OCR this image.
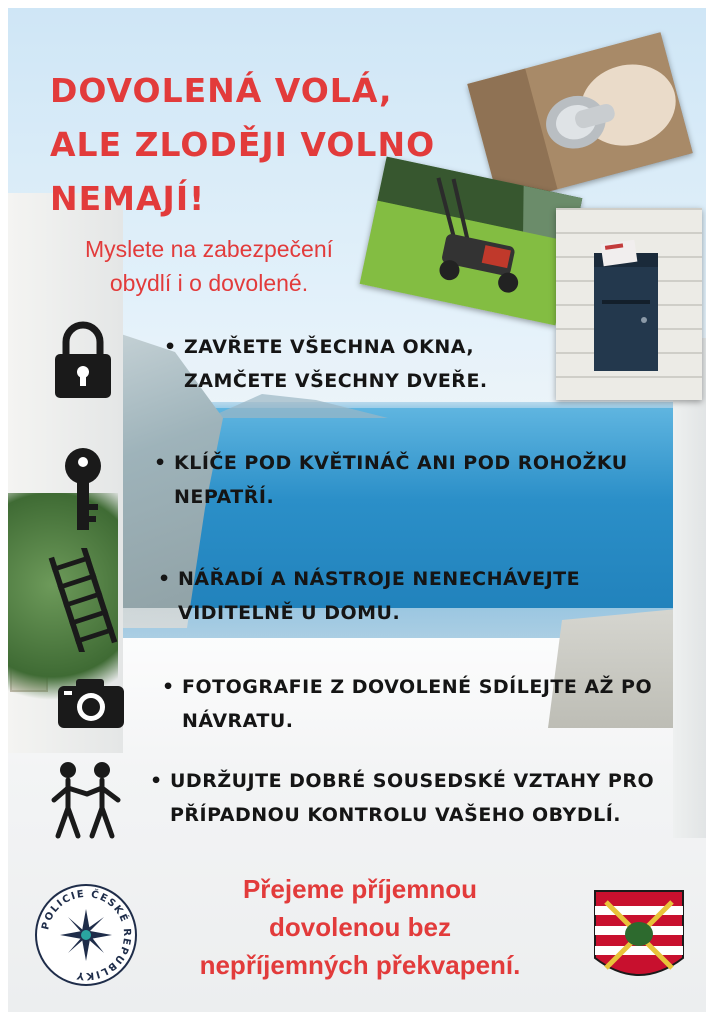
DOVOLENÁ VOLÁ,
ALE ZLODĚJI VOLNO
NEMAJÍ!
Myslete na zabezpečení
obydlí i o dovolené.
• ZAVŘETE VŠECHNA OKNA,
ZAMČETE VŠECHNY DVEŘE.
• KLÍČE POD KVĚTINÁČ ANI POD ROHOŽKU
NEPATŘÍ.
• NÁŘADÍ A NÁSTROJE NENECHÁVEJTE
VIDITELNĚ U DOMU.
• FOTOGRAFIE Z DOVOLENÉ SDÍLEJTE AŽ PO
NÁVRATU.
• UDRŽUJTE DOBRÉ SOUSEDSKÉ VZTAHY PRO
PŘÍPADNOU KONTROLU VAŠEHO OBYDLÍ.
Přejeme příjemnou
dovolenou bez
nepříjemných překvapení.
POLICIE ČESKÉ REPUBLIKY
